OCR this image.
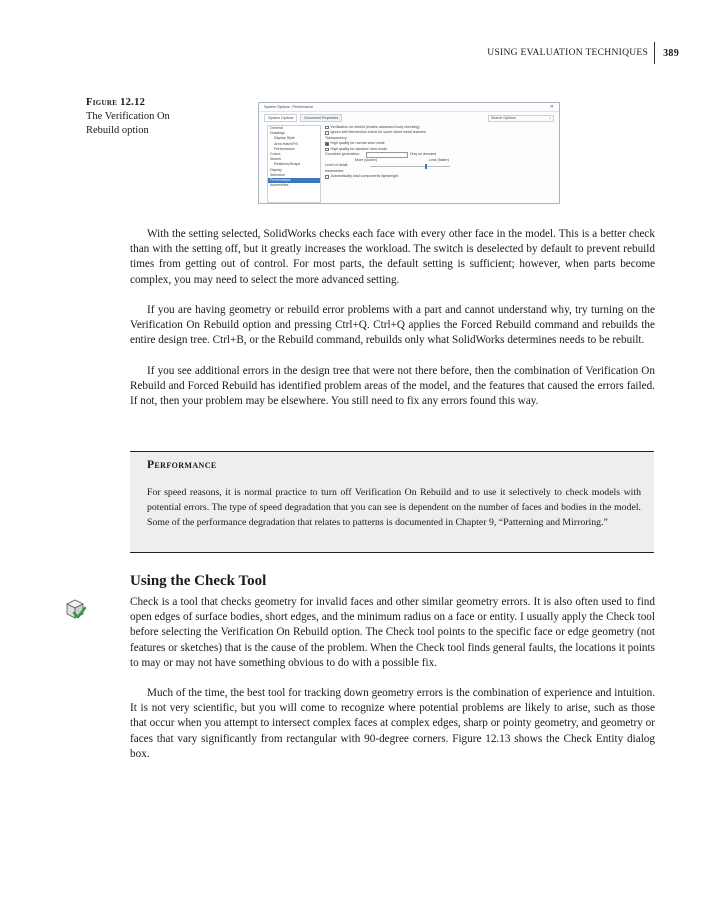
USING EVALUATION TECHNIQUES 389
Figure 12.12
The Verification On
Rebuild option
System Options - Performance	✕
System Options	Document Properties	Search Options	⌕
General
Drawings
Display Style
Area Hatch/Fill
Performance
Colors
Sketch
Relations/Snaps
Display
Selection
Performance
Assemblies
Verification on rebuild (enable advanced body checking)
Ignore self-intersection check for some sheet metal features
Transparency
High quality for normal view mode
High quality for dynamic view mode
Curvature generation:	Only on demand
More (slower)	Less (faster)
Level of detail:
Assemblies
Automatically load components lightweight

With the setting selected, SolidWorks checks each face with every other face in the model. This is a better check than with the setting off, but it greatly increases the workload. The switch is deselected by default to prevent rebuild times from getting out of control. For most parts, the default setting is sufficient; however, when parts become complex, you may need to select the more advanced setting.

If you are having geometry or rebuild error problems with a part and cannot understand why, try turning on the Verification On Rebuild option and pressing Ctrl+Q. Ctrl+Q applies the Forced Rebuild command and rebuilds the entire design tree. Ctrl+B, or the Rebuild command, rebuilds only what SolidWorks determines needs to be rebuilt.

If you see additional errors in the design tree that were not there before, then the combination of Verification On Rebuild and Forced Rebuild has identified problem areas of the model, and the features that caused the errors failed. If not, then your problem may be elsewhere. You still need to fix any errors found this way.

Performance

For speed reasons, it is normal practice to turn off Verification On Rebuild and to use it selectively to check models with potential errors. The type of speed degradation that you can see is dependent on the number of faces and bodies in the model. Some of the performance degradation that relates to patterns is documented in Chapter 9, “Patterning and Mirroring.”

Using the Check Tool

Check is a tool that checks geometry for invalid faces and other similar geometry errors. It is also often used to find open edges of surface bodies, short edges, and the minimum radius on a face or entity. I usually apply the Check tool before selecting the Verification On Rebuild option. The Check tool points to the specific face or edge geometry (not features or sketches) that is the cause of the problem. When the Check tool finds general faults, the locations it points to may or may not have something obvious to do with a possible fix.

Much of the time, the best tool for tracking down geometry errors is the combination of experience and intuition. It is not very scientific, but you will come to recognize where potential problems are likely to arise, such as those that occur when you attempt to intersect complex faces at complex edges, sharp or pointy geometry, and geometry or faces that vary significantly from rectangular with 90-degree corners. Figure 12.13 shows the Check Entity dialog box.
